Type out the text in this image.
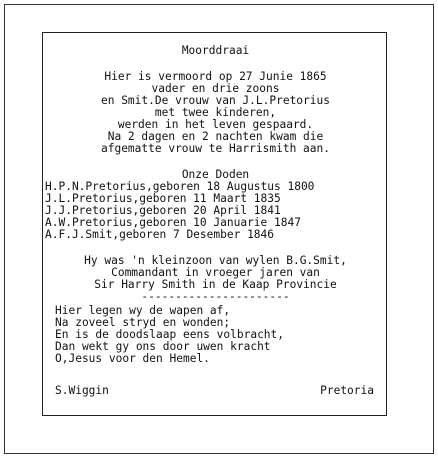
Moorddraai
Hier is vermoord op 27 Junie 1865
vader en drie zoons
en Smit.De vrouw van J.L.Pretorius
met twee kinderen,
werden in het leven gespaard.
Na 2 dagen en 2 nachten kwam die
afgematte vrouw te Harrismith aan.
Onze Doden
H.P.N.Pretorius,geboren 18 Augustus 1800
J.L.Pretorius,geboren 11 Maart 1835
J.J.Pretorius,geboren 20 April 1841
A.W.Pretorius,geboren 10 Januarie 1847
A.F.J.Smit,geboren 7 Desember 1846
Hy was 'n kleinzoon van wylen B.G.Smit,
Commandant in vroeger jaren van
Sir Harry Smith in de Kaap Provincie
----------------------
Hier legen wy de wapen af,
Na zoveel stryd en wonden;
En is de doodslaap eens volbracht,
Dan wekt gy ons door uwen kracht
O,Jesus voor den Hemel.
S.Wiggin	Pretoria
